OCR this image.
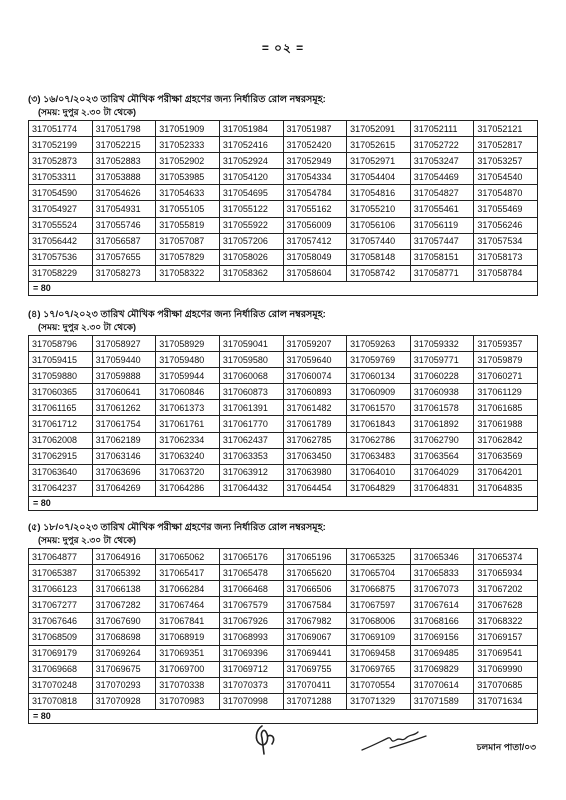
= ০২ =
(৩) ১৬/০৭/২০২৩ তারিখ মৌখিক পরীক্ষা গ্রহণের জন্য নির্ধারিত রোল নম্বরসমূহ:
(সময়: দুপুর ২.৩০ টা থেকে)
317051774	317051798	317051909	317051984	317051987	317052091	317052111	317052121
317052199	317052215	317052333	317052416	317052420	317052615	317052722	317052817
317052873	317052883	317052902	317052924	317052949	317052971	317053247	317053257
317053311	317053888	317053985	317054120	317054334	317054404	317054469	317054540
317054590	317054626	317054633	317054695	317054784	317054816	317054827	317054870
317054927	317054931	317055105	317055122	317055162	317055210	317055461	317055469
317055524	317055746	317055819	317055922	317056009	317056106	317056119	317056246
317056442	317056587	317057087	317057206	317057412	317057440	317057447	317057534
317057536	317057655	317057829	317058026	317058049	317058148	317058151	317058173
317058229	317058273	317058322	317058362	317058604	317058742	317058771	317058784
= 80
(৪) ১৭/০৭/২০২৩ তারিখ মৌখিক পরীক্ষা গ্রহণের জন্য নির্ধারিত রোল নম্বরসমূহ:
(সময়: দুপুর ২.৩০ টা থেকে)
317058796	317058927	317058929	317059041	317059207	317059263	317059332	317059357
317059415	317059440	317059480	317059580	317059640	317059769	317059771	317059879
317059880	317059888	317059944	317060068	317060074	317060134	317060228	317060271
317060365	317060641	317060846	317060873	317060893	317060909	317060938	317061129
317061165	317061262	317061373	317061391	317061482	317061570	317061578	317061685
317061712	317061754	317061761	317061770	317061789	317061843	317061892	317061988
317062008	317062189	317062334	317062437	317062785	317062786	317062790	317062842
317062915	317063146	317063240	317063353	317063450	317063483	317063564	317063569
317063640	317063696	317063720	317063912	317063980	317064010	317064029	317064201
317064237	317064269	317064286	317064432	317064454	317064829	317064831	317064835
= 80
(৫) ১৮/০৭/২০২৩ তারিখ মৌখিক পরীক্ষা গ্রহণের জন্য নির্ধারিত রোল নম্বরসমূহ:
(সময়: দুপুর ২.৩০ টা থেকে)
317064877	317064916	317065062	317065176	317065196	317065325	317065346	317065374
317065387	317065392	317065417	317065478	317065620	317065704	317065833	317065934
317066123	317066138	317066284	317066468	317066506	317066875	317067073	317067202
317067277	317067282	317067464	317067579	317067584	317067597	317067614	317067628
317067646	317067690	317067841	317067926	317067982	317068006	317068166	317068322
317068509	317068698	317068919	317068993	317069067	317069109	317069156	317069157
317069179	317069264	317069351	317069396	317069441	317069458	317069485	317069541
317069668	317069675	317069700	317069712	317069755	317069765	317069829	317069990
317070248	317070293	317070338	317070373	317070411	317070554	317070614	317070685
317070818	317070928	317070983	317070998	317071288	317071329	317071589	317071634
= 80
চলমান পাতা/০৩
